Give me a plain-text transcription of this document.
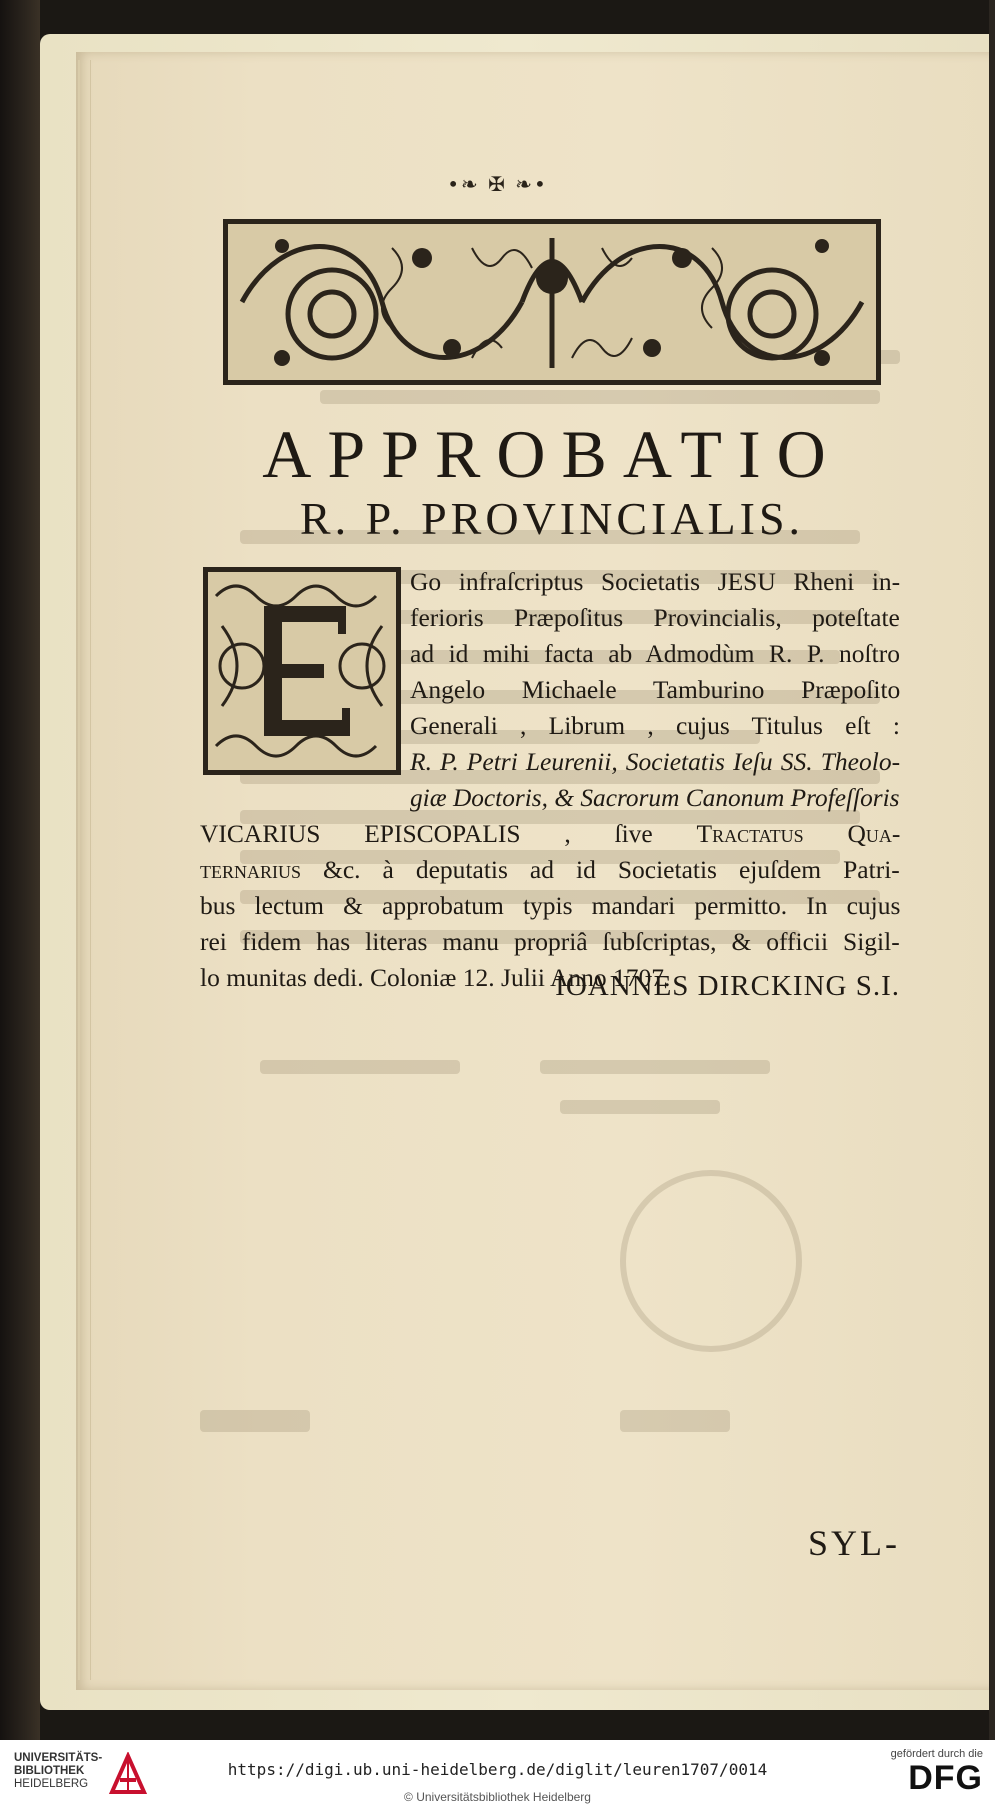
•❧ ✠ ❧•
APPROBATIO
R. P. PROVINCIALIS.
Go infraſcriptus Societatis JESU Rheni in-
ferioris Præpoſitus Provincialis, poteſtate
ad id mihi facta ab Admodùm R. P. noſtro
Angelo Michaele Tamburino Præpoſito
Generali , Librum , cujus Titulus eſt :
R. P. Petri Leurenii, Societatis Ieſu SS. Theolo-
giæ Doctoris, & Sacrorum Canonum Profeſſoris
VICARIUS EPISCOPALIS , ſive Tractatus Qua-
ternarius &c. à deputatis ad id Societatis ejuſdem Patri-
bus lectum & approbatum typis mandari permitto. In cujus
rei fidem has literas manu propriâ ſubſcriptas, & officii Sigil-
lo munitas dedi. Coloniæ 12. Julii Anno 1707.
IOANNES DIRCKING S.I.
SYL-
UNIVERSITÄTS-
BIBLIOTHEK
HEIDELBERG
https://digi.ub.uni-heidelberg.de/diglit/leuren1707/0014
© Universitätsbibliothek Heidelberg
gefördert durch die
DFG
